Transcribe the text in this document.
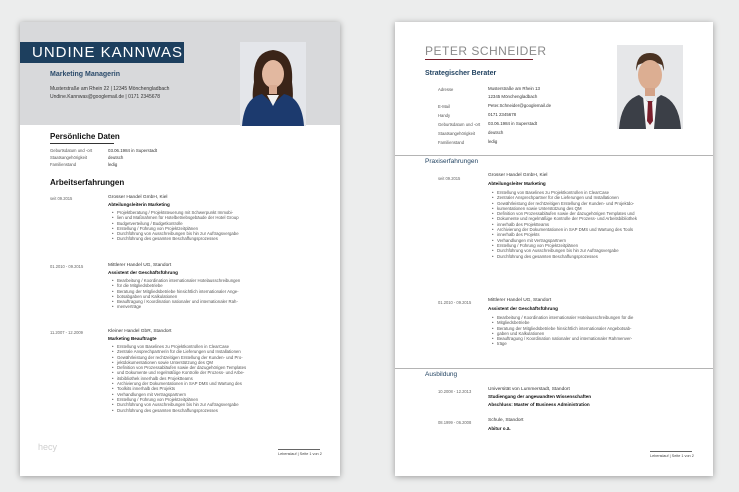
UNDINE KANNWAS
Marketing Managerin
Musterstraße am Rhein 22 | 12345 Mönchengladbach
Undine.Kannwas@googlemail.de | 0171 2345678
Persönliche Daten
Geburtsdatum und -ort	03.06.1984 in Superstadt
Staatsangehörigkeit	deutsch
Familienstand	ledig
Arbeitserfahrungen
seit 09.2015	Grosser Handel GmbH, Kiel
Abteilungsleiterin Marketing
• Projektberatung / Projektsteuerung mit Schwerpunkt Immobi-
• lien und Maßnahmen für Hotelbetriebsgebäude der Hotel Group
• Budgetverteilung / Budgetkontrolle
• Erstellung / Führung von Projektzeitplänen
• Durchführung von Ausschreibungen bis hin zur Auftragsvergabe
• Durchführung des gesamten Beschaffungsprozesses
01.2010 - 09.2015	Mittlerer Handel UG, Standort
Assistent der Geschäftsführung
• Bearbeitung / Koordination internationaler Hotelausschreibungen
• für die Mitgliedsbetriebe
• Beratung der Mitgliedsbetriebe hinsichtlich internationaler Ange-
• botsabgaben und Kalkulationen
• Beauftragung / Koordination nationaler und internationaler Rah-
• menverträge
11.2007 - 12.2009	Kleiner Handel GbR, Standort
Marketing Beauftragte
• Erstellung von Baselines zu Projektkontrollen in ClearCase
• Zentrale Ansprechpartnerin für die Lieferungen und Installationen
• Gewährleistung der rechtzeitigen Erstellung der Kunden- und Pro-
• jektdokumentationen sowie Unterstützung des QM
• Definition von Prozessabläufen sowie der dazugehörigen Templates
• und Dokumente und regelmäßige Kontrolle der Prozess- und Arbe-
• itsbibliothek innerhalb des Projektteams
• Archivierung der Dokumentationen in SAP DMS und Wartung des
• Toolkits innerhalb des Projekts
• Verhandlungen mit Vertragspartnern
• Erstellung / Führung von Projektzeitplänen
• Durchführung von Ausschreibungen bis hin zur Auftragsvergabe
• Durchführung des gesamten Beschaffungsprozesses
hecy
Lebenslauf | Seite 1 von 2
PETER SCHNEIDER
Strategischer Berater
Adresse	Musterstraße am Rhein 13
12345 Mönchengladbach
E-Mail	Peter.Schneider@googlemail.de
Handy	0171 2345678
Geburtsdatum und -ort 03.06.1984 in Superstadt
Staatsangehörigkeit	deutsch
Familienstand	ledig
Praxiserfahrungen
seit 09.2015
Grosser Handel GmbH, Kiel
Abteilungsleiter Marketing
• Erstellung von Baselines zu Projektkontrollen in ClearCase
• Zentraler Ansprechpartner für die Lieferungen und Installationen
• Gewährleistung der rechtzeitigen Erstellung der Kunden- und Projektdo-
• kumentationen sowie Unterstützung des QM
• Definition von Prozessabläufen sowie der dazugehörigen Templates und
• Dokumente und regelmäßige Kontrolle der Prozess- und Arbeitsbibliothek
• innerhalb des Projektteams
• Archivierung der Dokumentationen in SAP DMS und Wartung des Tools
• innerhalb des Projekts
• Verhandlungen mit Vertragspartnern
• Erstellung / Führung von Projektzeitplänen
• Durchführung von Ausschreibungen bis hin zur Auftragsvergabe
• Durchführung des gesamten Beschaffungsprozesses
01.2010 - 09.2015	Mittlerer Handel UG, Standort
Assistent der Geschäftsführung
• Bearbeitung / Koordination internationaler Hotelausschreibungen für die
• Mitgliedsbetriebe
• Beratung der Mitgliedsbetriebe hinsichtlich internationaler Angebotsab-
• gaben und Kalkulationen
• Beauftragung / Koordination nationaler und internationaler Rahmenver-
• träge
Ausbildung
10.2008 - 12.2013	Universität von Lummerstadt, Standort
Studiengang der angewandten Wissenschaften
Abschluss: Master of Business Administration
08.1999 - 06.2008	Schule, Standort
Abitur o.ä.
Lebenslauf | Seite 1 von 2
